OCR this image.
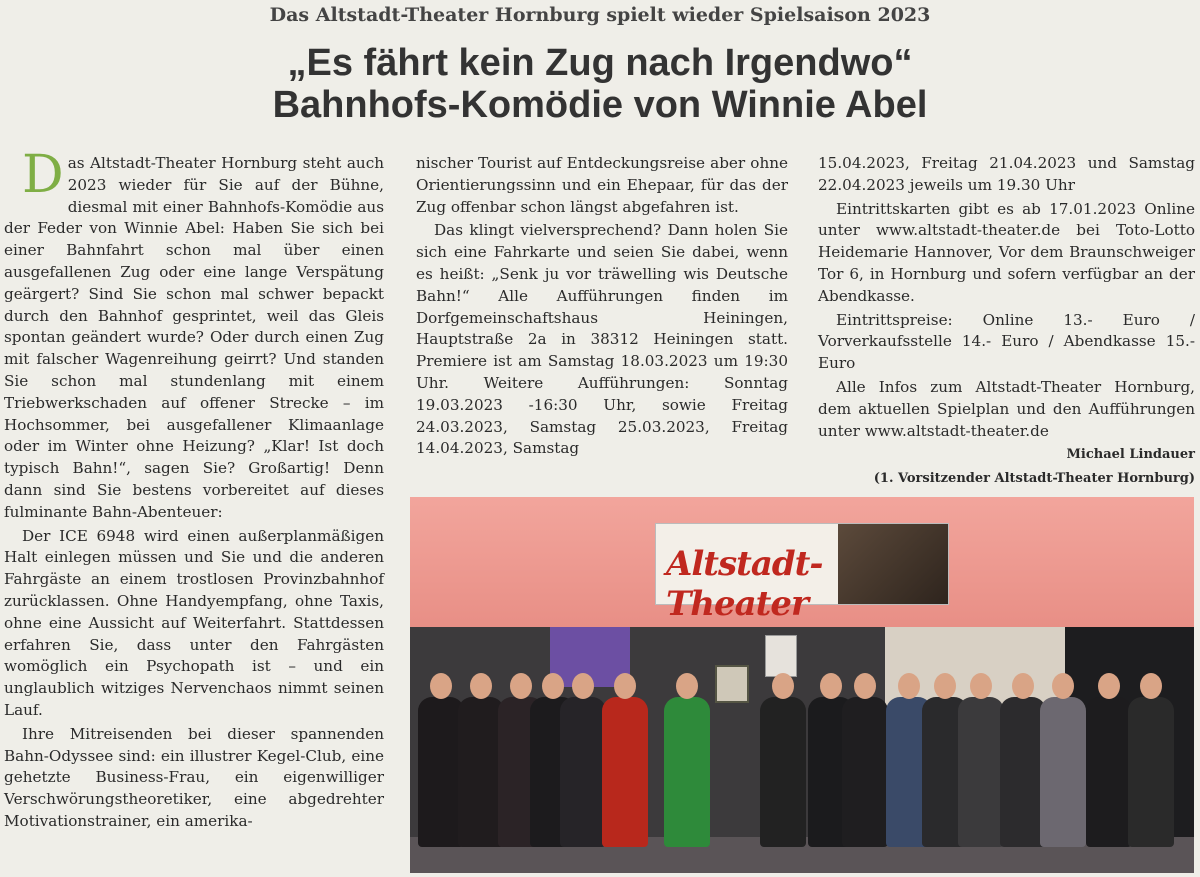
Das Altstadt-Theater Hornburg spielt wieder Spielsaison 2023
„Es fährt kein Zug nach Irgendwo“
Bahnhofs-Komödie von Winnie Abel

Das Altstadt-Theater Hornburg steht auch 2023 wieder für Sie auf der Bühne, diesmal mit einer Bahnhofs-Komödie aus der Feder von Winnie Abel: Haben Sie sich bei einer Bahnfahrt schon mal über einen ausgefallenen Zug oder eine lange Verspätung geärgert? Sind Sie schon mal schwer bepackt durch den Bahnhof gesprintet, weil das Gleis spontan geändert wurde? Oder durch einen Zug mit falscher Wagenreihung geirrt? Und standen Sie schon mal stundenlang mit einem Triebwerkschaden auf offener Strecke – im Hochsommer, bei ausgefallener Klimaanlage oder im Winter ohne Heizung? „Klar! Ist doch typisch Bahn!“, sagen Sie? Großartig! Denn dann sind Sie bestens vorbereitet auf dieses fulminante Bahn-Abenteuer:

Der ICE 6948 wird einen außerplanmäßigen Halt einlegen müssen und Sie und die anderen Fahrgäste an einem trostlosen Provinzbahnhof zurücklassen. Ohne Handyempfang, ohne Taxis, ohne eine Aussicht auf Weiterfahrt. Stattdessen erfahren Sie, dass unter den Fahrgästen womöglich ein Psychopath ist – und ein unglaublich witziges Nervenchaos nimmt seinen Lauf.

Ihre Mitreisenden bei dieser spannenden Bahn-Odyssee sind: ein illustrer Kegel-Club, eine gehetzte Business-Frau, ein eigenwilliger Verschwörungstheoretiker, eine abgedrehter Motivationstrainer, ein amerika-

nischer Tourist auf Entdeckungsreise aber ohne Orientierungssinn und ein Ehepaar, für das der Zug offenbar schon längst abgefahren ist.

Das klingt vielversprechend? Dann holen Sie sich eine Fahrkarte und seien Sie dabei, wenn es heißt: „Senk ju vor träwelling wis Deutsche Bahn!“ Alle Aufführungen finden im Dorfgemeinschaftshaus Heiningen, Hauptstraße 2a in 38312 Heiningen statt. Premiere ist am Samstag 18.03.2023 um 19:30 Uhr. Weitere Aufführungen: Sonntag 19.03.2023 -16:30 Uhr, sowie Freitag 24.03.2023, Samstag 25.03.2023, Freitag 14.04.2023, Samstag

15.04.2023, Freitag 21.04.2023 und Samstag 22.04.2023 jeweils um 19.30 Uhr

Eintrittskarten gibt es ab 17.01.2023 Online unter www.altstadt-theater.de bei Toto-Lotto Heidemarie Hannover, Vor dem Braunschweiger Tor 6, in Hornburg und sofern verfügbar an der Abendkasse.

Eintrittspreise: Online 13.- Euro / Vorverkaufsstelle 14.- Euro / Abendkasse 15.- Euro

Alle Infos zum Altstadt-Theater Hornburg, dem aktuellen Spielplan und den Aufführungen unter www.altstadt-theater.de

Michael Lindauer

(1. Vorsitzender Altstadt-Theater Hornburg)

Altstadt-Theater
